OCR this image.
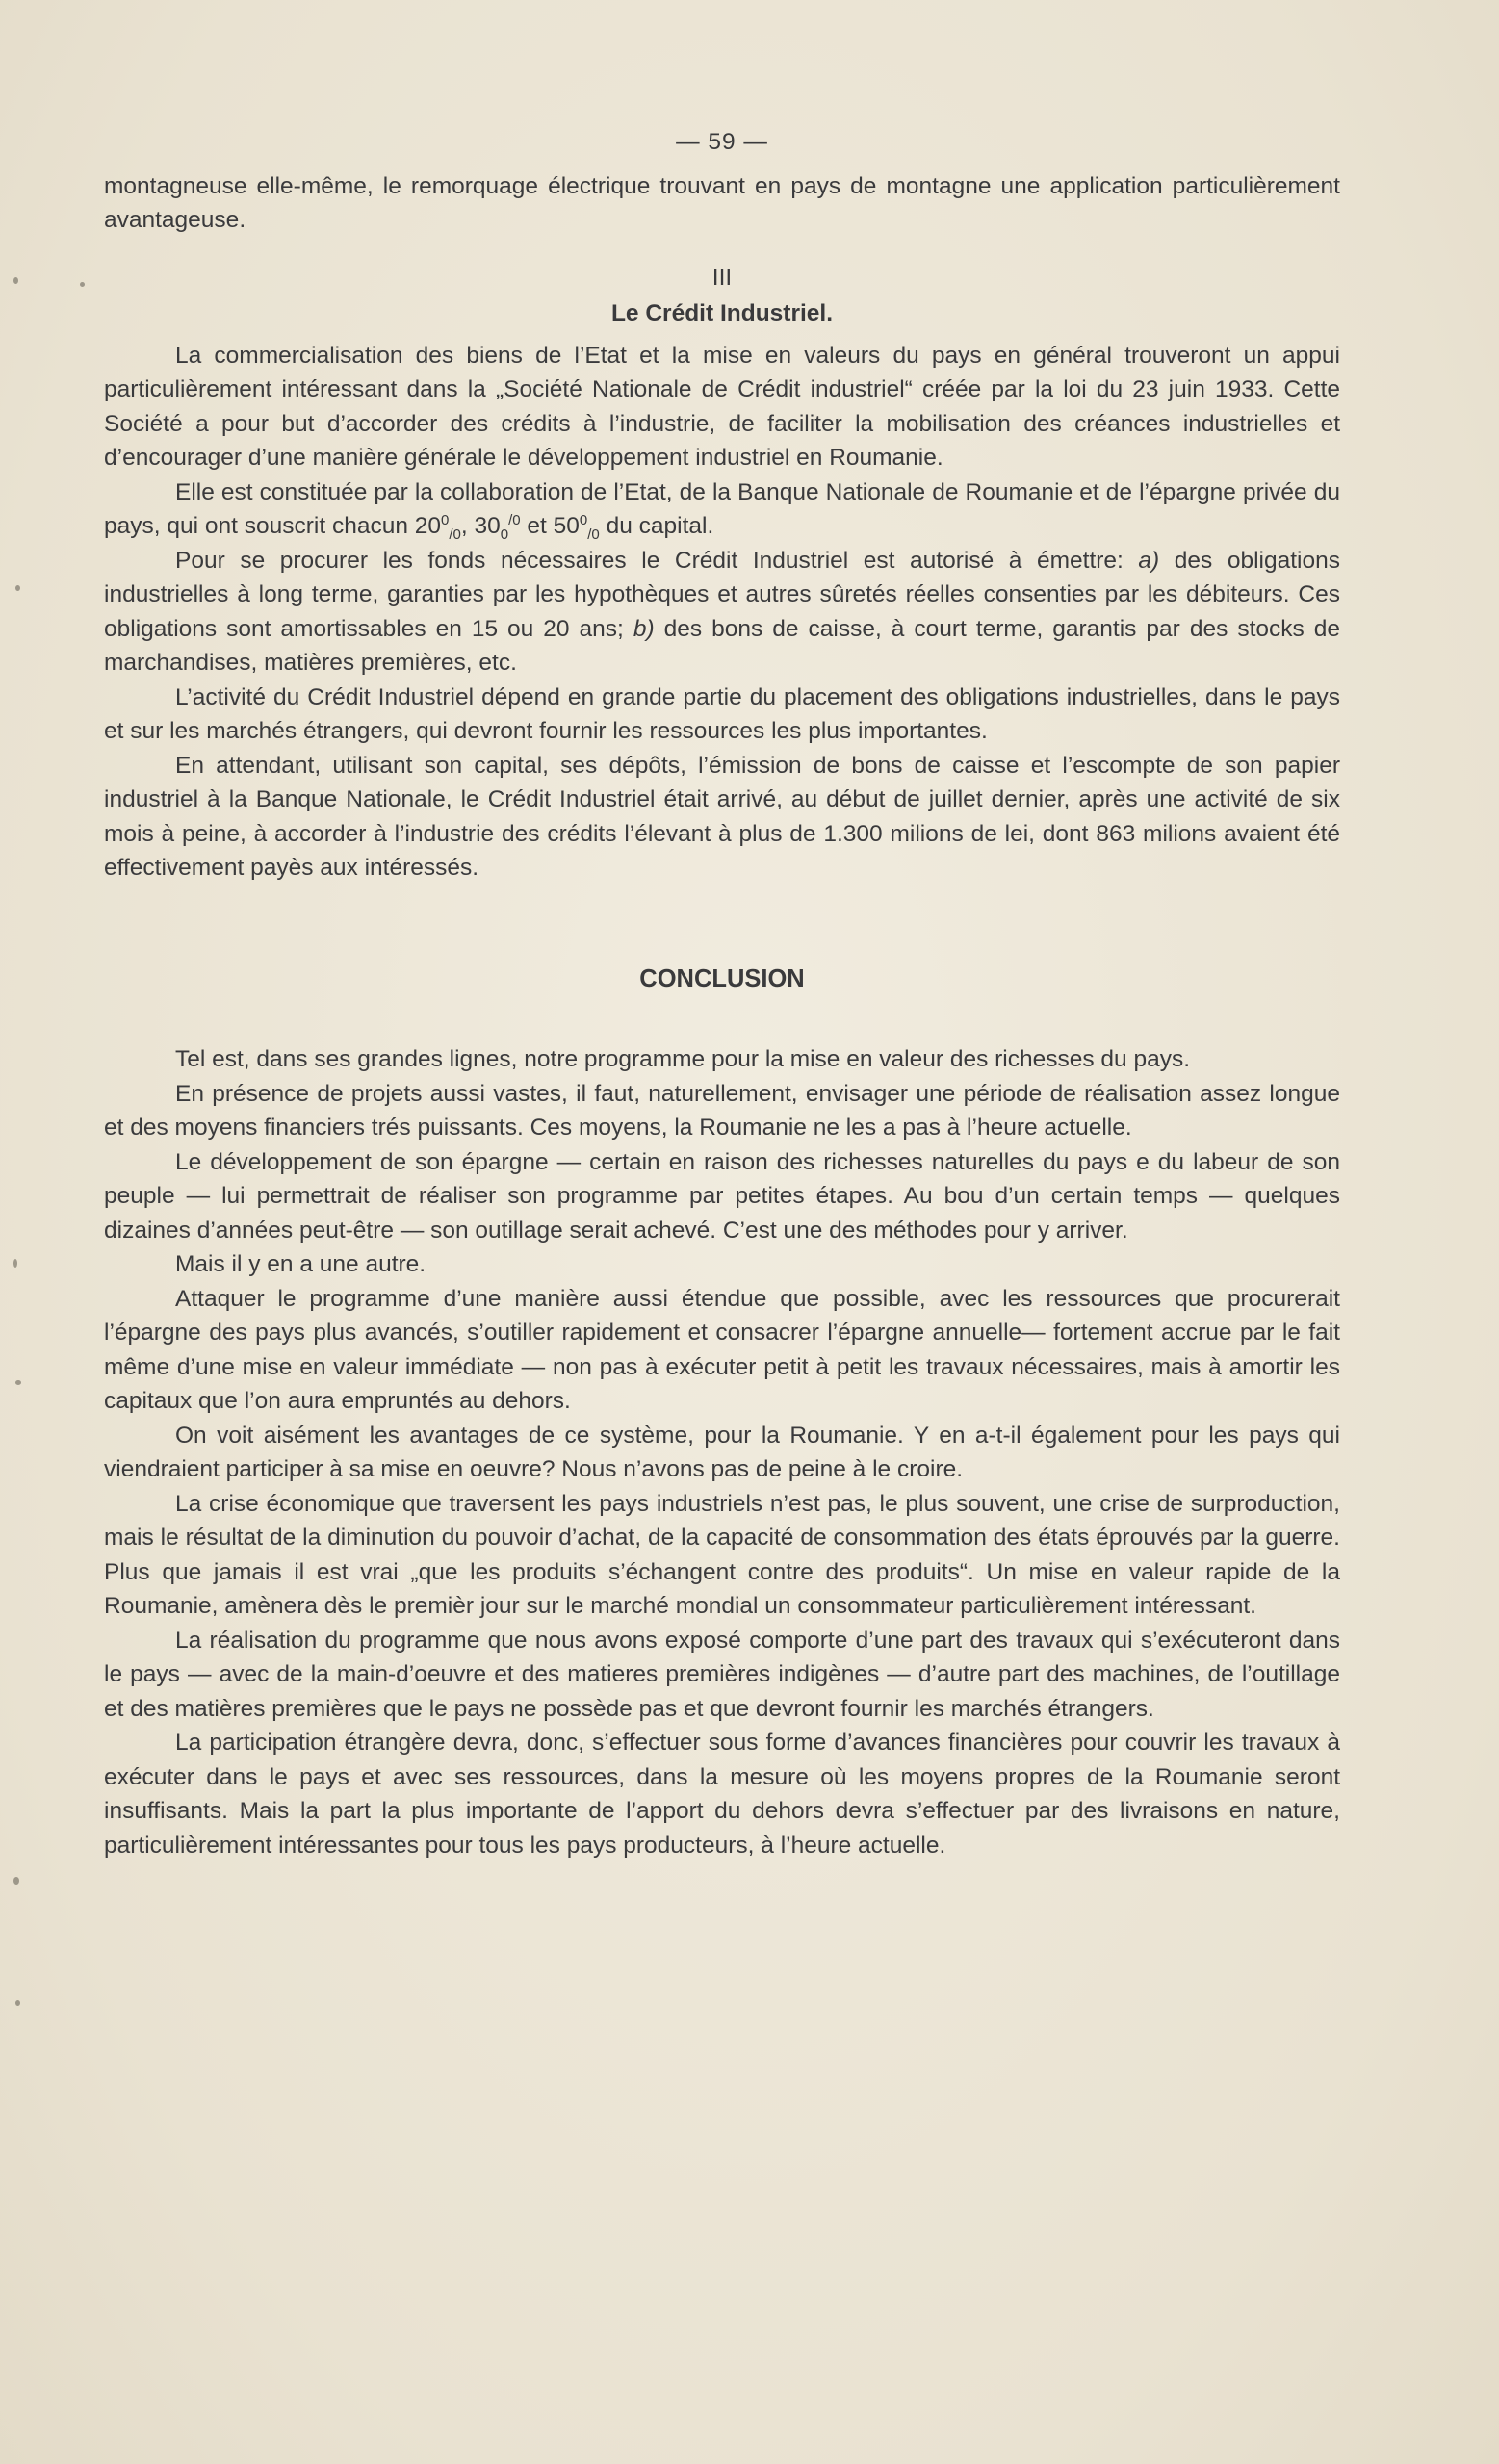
— 59 —

montagneuse elle-même, le remorquage électrique trouvant en pays de montagne une application particulièrement avantageuse.

III
Le Crédit Industriel.

La commercialisation des biens de l’Etat et la mise en valeurs du pays en général trouveront un appui particulièrement intéressant dans la „Société Nationale de Crédit industriel“ créée par la loi du 23 juin 1933. Cette Société a pour but d’accorder des crédits à l’industrie, de faciliter la mobilisation des créances industrielles et d’encourager d’une manière générale le développement industriel en Roumanie.

Elle est constituée par la collaboration de l’Etat, de la Banque Nationale de Roumanie et de l’épargne privée du pays, qui ont souscrit chacun $20^0_{/0}$, $30_0^{/0}$ et $50^0_{/0}$ du capital.

Pour se procurer les fonds nécessaires le Crédit Industriel est autorisé à émettre: a) des obligations industrielles à long terme, garanties par les hypothèques et autres sûretés réelles consenties par les débiteurs. Ces obligations sont amortissables en 15 ou 20 ans; b) des bons de caisse, à court terme, garantis par des stocks de marchandises, matières premières, etc.

L’activité du Crédit Industriel dépend en grande partie du placement des obligations industrielles, dans le pays et sur les marchés étrangers, qui devront fournir les ressources les plus importantes.

En attendant, utilisant son capital, ses dépôts, l’émission de bons de caisse et l’escompte de son papier industriel à la Banque Nationale, le Crédit Industriel était arrivé, au début de juillet dernier, après une activité de six mois à peine, à accorder à l’industrie des crédits l’élevant à plus de 1.300 milions de lei, dont 863 milions avaient été effectivement payès aux intéressés.

CONCLUSION

Tel est, dans ses grandes lignes, notre programme pour la mise en valeur des richesses du pays.

En présence de projets aussi vastes, il faut, naturellement, envisager une période de réalisation assez longue et des moyens financiers trés puissants. Ces moyens, la Roumanie ne les a pas à l’heure actuelle.

Le développement de son épargne — certain en raison des richesses naturelles du pays e du labeur de son peuple — lui permettrait de réaliser son programme par petites étapes. Au bou d’un certain temps — quelques dizaines d’années peut-être — son outillage serait achevé. C’est une des méthodes pour y arriver.

Mais il y en a une autre.

Attaquer le programme d’une manière aussi étendue que possible, avec les ressources que procurerait l’épargne des pays plus avancés, s’outiller rapidement et consacrer l’épargne annuelle— fortement accrue par le fait même d’une mise en valeur immédiate — non pas à exécuter petit à petit les travaux nécessaires, mais à amortir les capitaux que l’on aura empruntés au dehors.

On voit aisément les avantages de ce système, pour la Roumanie. Y en a-t-il également pour les pays qui viendraient participer à sa mise en oeuvre? Nous n’avons pas de peine à le croire.

La crise économique que traversent les pays industriels n’est pas, le plus souvent, une crise de surproduction, mais le résultat de la diminution du pouvoir d’achat, de la capacité de consommation des états éprouvés par la guerre. Plus que jamais il est vrai „que les produits s’échangent contre des produits“. Un mise en valeur rapide de la Roumanie, amènera dès le premièr jour sur le marché mondial un consommateur particulièrement intéressant.

La réalisation du programme que nous avons exposé comporte d’une part des travaux qui s’exécuteront dans le pays — avec de la main-d’oeuvre et des matieres premières indigènes — d’autre part des machines, de l’outillage et des matières premières que le pays ne possède pas et que devront fournir les marchés étrangers.

La participation étrangère devra, donc, s’effectuer sous forme d’avances financières pour couvrir les travaux à exécuter dans le pays et avec ses ressources, dans la mesure où les moyens propres de la Roumanie seront insuffisants. Mais la part la plus importante de l’apport du dehors devra s’effectuer par des livraisons en nature, particulièrement intéressantes pour tous les pays producteurs, à l’heure actuelle.
